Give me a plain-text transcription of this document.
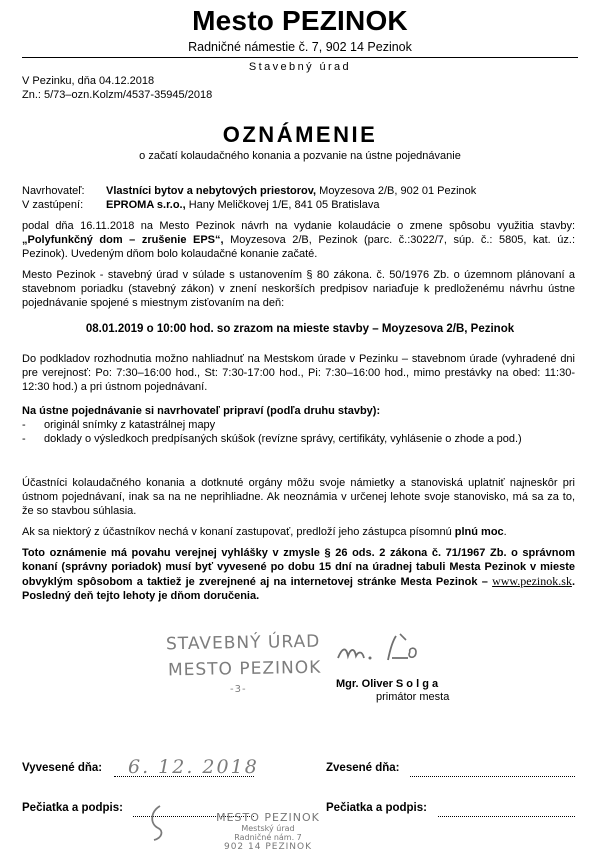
Mesto PEZINOK
Radničné námestie č. 7, 902 14 Pezinok
Stavebný úrad
V Pezinku, dňa 04.12.2018
Zn.: 5/73–ozn.Kolzm/4537-35945/2018
OZNÁMENIE
o začatí kolaudačného konania a pozvanie na ústne pojednávanie
Navrhovateľ: Vlastníci bytov a nebytových priestorov, Moyzesova 2/B, 902 01 Pezinok
V zastúpení: EPROMA s.r.o., Hany Meličkovej 1/E, 841 05 Bratislava
podal dňa 16.11.2018 na Mesto Pezinok návrh na vydanie kolaudácie o zmene spôsobu využitia stavby: „Polyfunkčný dom – zrušenie EPS“, Moyzesova 2/B, Pezinok (parc. č.:3022/7, súp. č.: 5805, kat. úz.: Pezinok). Uvedeným dňom bolo kolaudačné konanie začaté.
Mesto Pezinok - stavebný úrad v súlade s ustanovením § 80 zákona. č. 50/1976 Zb. o územnom plánovaní a stavebnom poriadku (stavebný zákon) v znení neskorších predpisov nariaďuje k predloženému návrhu ústne pojednávanie spojené s miestnym zisťovaním na deň:
08.01.2019 o 10:00 hod. so zrazom na mieste stavby – Moyzesova 2/B, Pezinok
Do podkladov rozhodnutia možno nahliadnuť na Mestskom úrade v Pezinku – stavebnom úrade (vyhradené dni pre verejnosť: Po: 7:30–16:00 hod., St: 7:30-17:00 hod., Pi: 7:30–16:00 hod., mimo prestávky na obed: 11:30-12:30 hod.) a pri ústnom pojednávaní.
Na ústne pojednávanie si navrhovateľ pripraví (podľa druhu stavby):
- originál snímky z katastrálnej mapy
- doklady o výsledkoch predpísaných skúšok (revízne správy, certifikáty, vyhlásenie o zhode a pod.)
Účastníci kolaudačného konania a dotknuté orgány môžu svoje námietky a stanoviská uplatniť najneskôr pri ústnom pojednávaní, inak sa na ne neprihliadne. Ak neoznámia v určenej lehote svoje stanovisko, má sa za to, že so stavbou súhlasia.
Ak sa niektorý z účastníkov nechá v konaní zastupovať, predloží jeho zástupca písomnú plnú moc.
Toto oznámenie má povahu verejnej vyhlášky v zmysle § 26 ods. 2 zákona č. 71/1967 Zb. o správnom konaní (správny poriadok) musí byť vyvesené po dobu 15 dní na úradnej tabuli Mesta Pezinok v mieste obvyklým spôsobom a taktiež je zverejnené aj na internetovej stránke Mesta Pezinok – www.pezinok.sk. Posledný deň tejto lehoty je dňom doručenia.
STAVEBNÝ ÚRAD
MESTO PEZINOK
-3-	Mgr. Oliver S o l g a
primátor mesta
Vyvesené dňa: 6. 12. 2018	Zvesené dňa:
Pečiatka a podpis:	Pečiatka a podpis:
MESTO PEZINOK
Mestský úrad
Radničné nám. 7
902 14 PEZINOK
